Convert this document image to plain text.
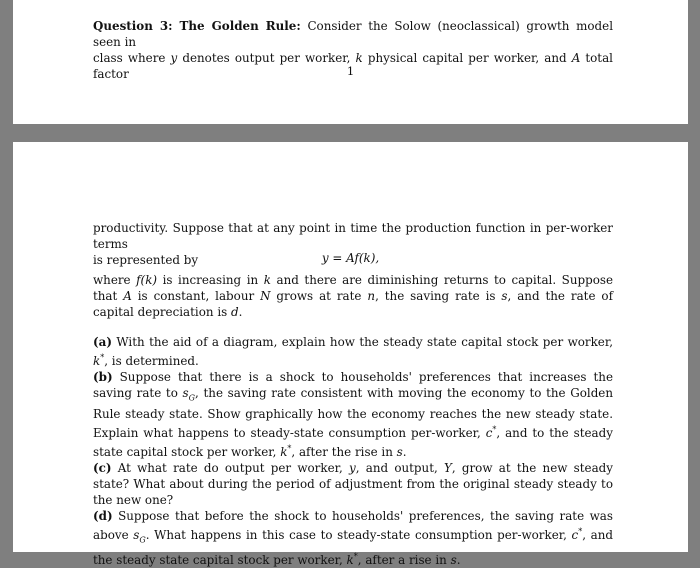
Question 3: The Golden Rule: Consider the Solow (neoclassical) growth model seen in

class where y denotes output per worker, k physical capital per worker, and A total factor	1

productivity. Suppose that at any point in time the production function in per-worker terms

is represented by	y = Af(k),

where f(k) is increasing in k and there are diminishing returns to capital. Suppose that A is constant, labour N grows at rate n, the saving rate is s, and the rate of capital depreciation is d.

(a) With the aid of a diagram, explain how the steady state capital stock per worker, k*, is determined.

(b) Suppose that there is a shock to households' preferences that increases the saving rate to $s_G$, the saving rate consistent with moving the economy to the Golden Rule steady state. Show graphically how the economy reaches the new steady state. Explain what happens to steady-state consumption per-worker, c*, and to the steady state capital stock per worker, k*, after the rise in s.

(c) At what rate do output per worker, y, and output, Y, grow at the new steady state? What about during the period of adjustment from the original steady steady to the new one?

(d) Suppose that before the shock to households' preferences, the saving rate was above $s_G$. What happens in this case to steady-state consumption per-worker, c*, and the steady state capital stock per worker, k*, after a rise in s.
